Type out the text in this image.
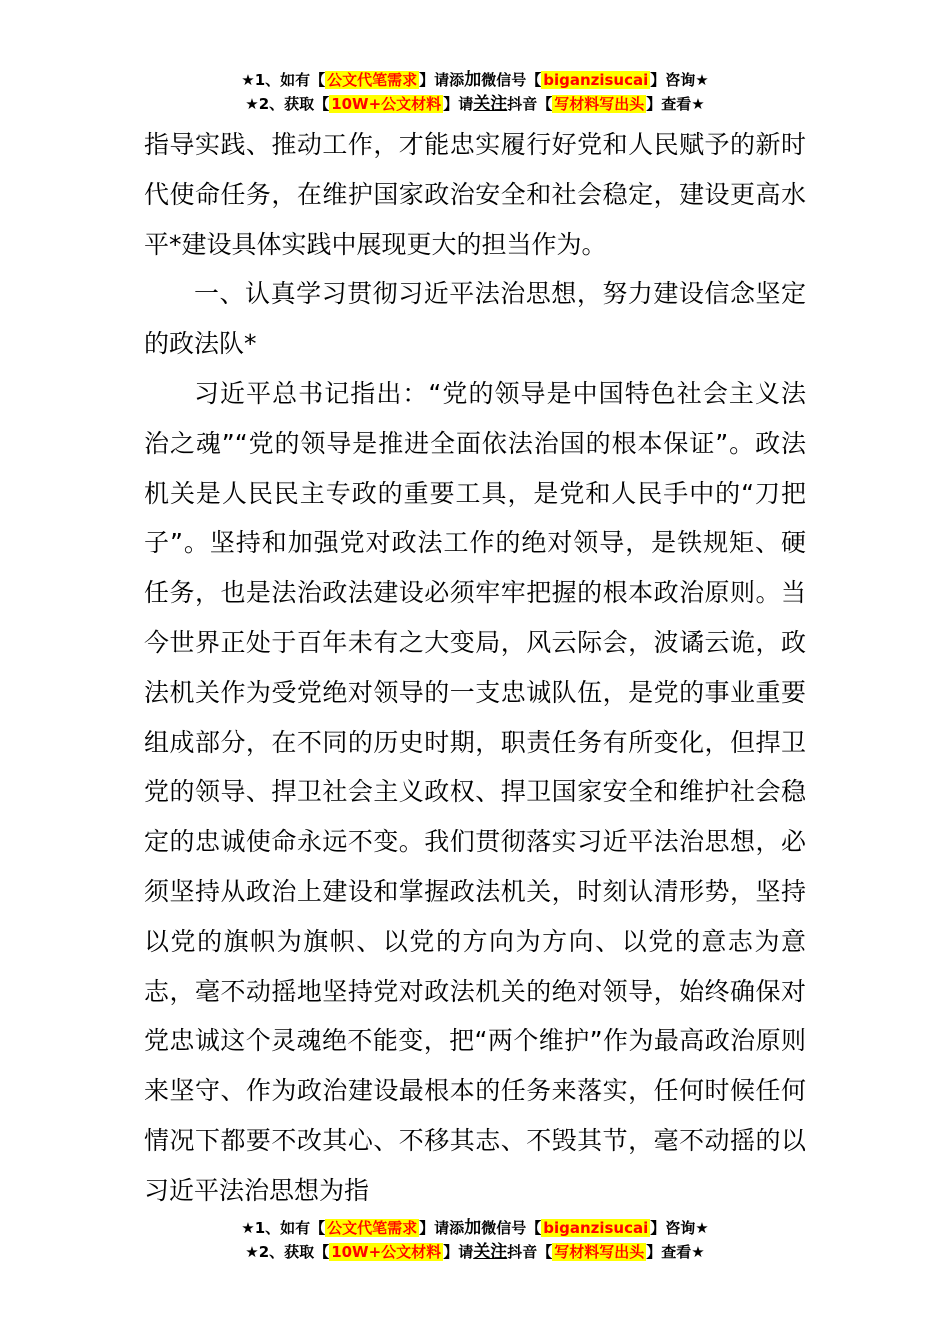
★1、如有【 公文代笔需求 】请添加微信号【 biganzisucai 】咨询★
★2、获取【 10W+公文材料 】请关注抖音【 写材料写出头 】查看★

指导实践、推动工作，才能忠实履行好党和人民赋予的新时代使命任务，在维护国家政治安全和社会稳定，建设更高水平*建设具体实践中展现更大的担当作为。

一、认真学习贯彻习近平法治思想，努力建设信念坚定的政法队*

习近平总书记指出：“党的领导是中国特色社会主义法治之魂”“党的领导是推进全面依法治国的根本保证”。政法机关是人民民主专政的重要工具，是党和人民手中的“刀把子”。坚持和加强党对政法工作的绝对领导，是铁规矩、硬任务，也是法治政法建设必须牢牢把握的根本政治原则。当今世界正处于百年未有之大变局，风云际会，波谲云诡，政法机关作为受党绝对领导的一支忠诚队伍，是党的事业重要组成部分，在不同的历史时期，职责任务有所变化，但捍卫党的领导、捍卫社会主义政权、捍卫国家安全和维护社会稳定的忠诚使命永远不变。我们贯彻落实习近平法治思想，必须坚持从政治上建设和掌握政法机关，时刻认清形势，坚持以党的旗帜为旗帜、以党的方向为方向、以党的意志为意志，毫不动摇地坚持党对政法机关的绝对领导，始终确保对党忠诚这个灵魂绝不能变，把“两个维护”作为最高政治原则来坚守、作为政治建设最根本的任务来落实，任何时候任何情况下都要不改其心、不移其志、不毁其节，毫不动摇的以习近平法治思想为指

★1、如有【 公文代笔需求 】请添加微信号【 biganzisucai 】咨询★
★2、获取【 10W+公文材料 】请关注抖音【 写材料写出头 】查看★
